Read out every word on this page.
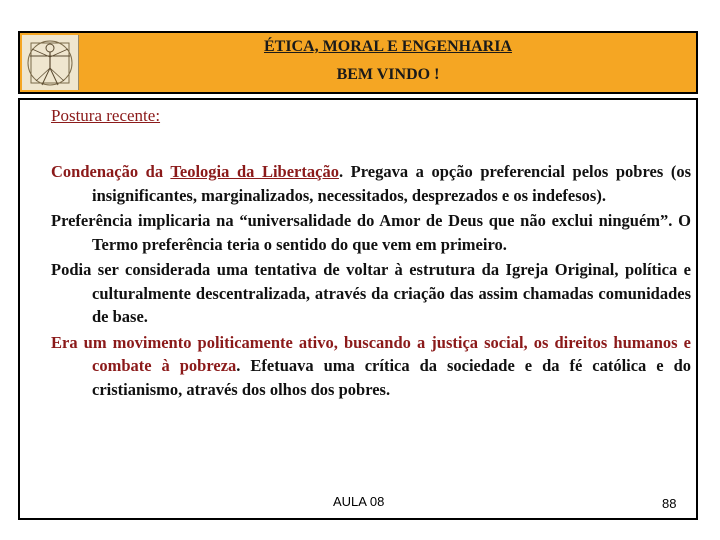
ÉTICA, MORAL E ENGENHARIA
BEM VINDO !
Postura recente:

Condenação da Teologia da Libertação. Pregava a opção preferencial pelos pobres (os insignificantes, marginalizados, necessitados, desprezados e os indefesos).

Preferência implicaria na “universalidade do Amor de Deus que não exclui ninguém”. O Termo preferência teria o sentido do que vem em primeiro.

Podia ser considerada uma tentativa de voltar à estrutura da Igreja Original, política e culturalmente descentralizada, através da criação das assim chamadas comunidades de base.

Era um movimento politicamente ativo, buscando a justiça social, os direitos humanos e combate à pobreza. Efetuava uma crítica da sociedade e da fé católica e do cristianismo, através dos olhos dos pobres.

AULA 08	88
